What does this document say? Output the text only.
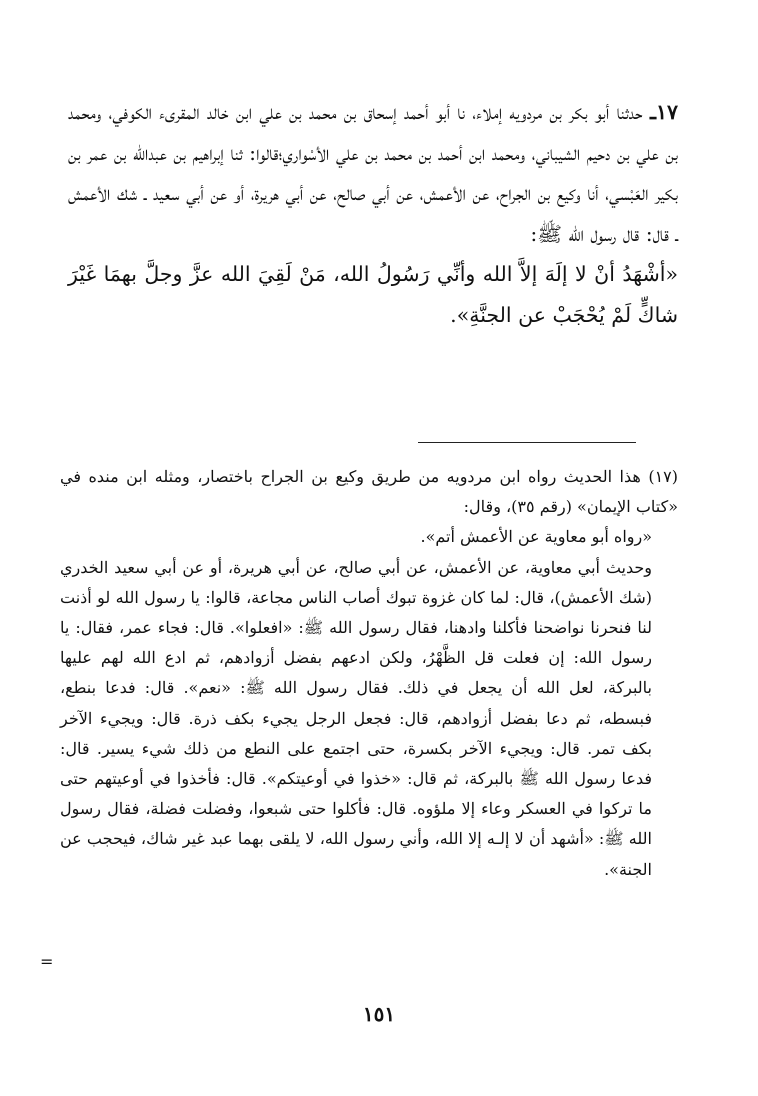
١٧ـ حدثنا أبو بكر بن مردويه إملاء، نا أبو أحمد إسحاق بن محمد بن علي ابن خالد المقرىء الكوفي، ومحمد بن علي بن دحيم الشيباني، ومحمد ابن أحمد بن محمد بن علي الأسْواري؛قالوا: ثنا إبراهيم بن عبدالله بن عمر بن بكير العَبْسي، أنا وكيع بن الجراح، عن الأعمش، عن أبي صالح، عن أبي هريرة، أو عن أبي سعيد ـ شك الأعمش ـ قال: قال رسول الله ﷺ:

«أشْهَدُ أنْ لا إلَهَ إلاَّ الله وأنِّي رَسُولُ الله، مَنْ لَقِيَ الله عزَّ وجلَّ بهمَا غَيْرَ شاكٍّ لَمْ يُحْجَبْ عن الجنَّةِ».

(١٧) هذا الحديث رواه ابن مردويه من طريق وكيع بن الجراح باختصار، ومثله ابن منده في «كتاب الإيمان» (رقم ٣٥)، وقال:

«رواه أبو معاوية عن الأعمش أتم».

وحديث أبي معاوية، عن الأعمش، عن أبي صالح، عن أبي هريرة، أو عن أبي سعيد الخدري (شك الأعمش)، قال: لما كان غزوة تبوك أصاب الناس مجاعة، قالوا: يا رسول الله لو أذنت لنا فنحرنا نواضحنا فأكلنا وادهنا، فقال رسول الله ﷺ: «افعلوا». قال: فجاء عمر، فقال: يا رسول الله: إن فعلت قل الظَّهْرُ، ولكن ادعهم بفضل أزوادهم، ثم ادع الله لهم عليها بالبركة، لعل الله أن يجعل في ذلك. فقال رسول الله ﷺ: «نعم». قال: فدعا بنطع، فبسطه، ثم دعا بفضل أزوادهم، قال: فجعل الرجل يجيء بكف ذرة. قال: ويجيء الآخر بكف تمر. قال: ويجيء الآخر بكسرة، حتى اجتمع على النطع من ذلك شيء يسير. قال: فدعا رسول الله ﷺ بالبركة، ثم قال: «خذوا في أوعيتكم». قال: فأخذوا في أوعيتهم حتى ما تركوا في العسكر وعاء إلا ملؤوه. قال: فأكلوا حتى شبعوا، وفضلت فضلة، فقال رسول الله ﷺ: «أشهد أن لا إلـه إلا الله، وأني رسول الله، لا يلقى بهما عبد غير شاك، فيحجب عن الجنة».

=
١٥١
